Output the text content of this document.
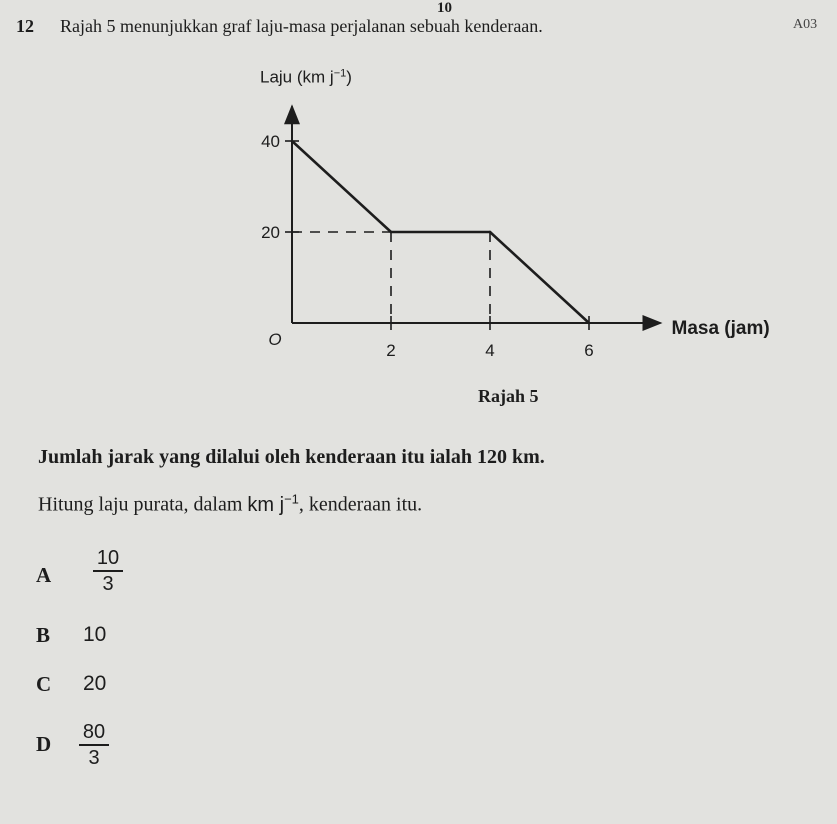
10
A03
12 Rajah 5 menunjukkan graf laju-masa perjalanan sebuah kenderaan.
2	4	6
20
40
O
Laju (km $j^{-1}$)
Masa (jam)
Rajah 5
Jumlah jarak yang dilalui oleh kenderaan itu ialah 120 km.
Hitung laju purata, dalam km $j^{-1}$, kenderaan itu.
A
10
3
B 10
C 20
D 80
3
